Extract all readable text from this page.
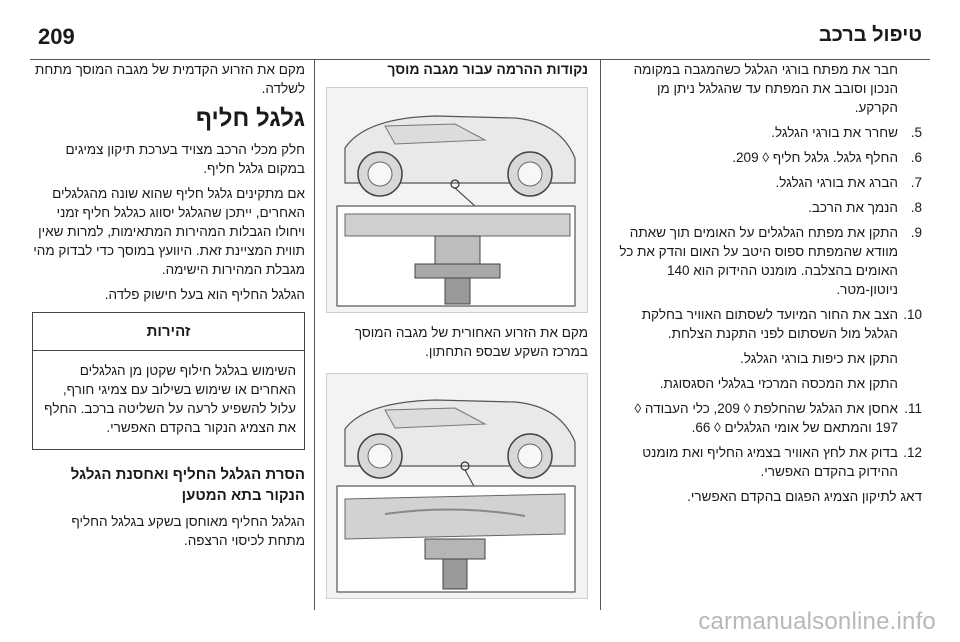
209	טיפול ברכב

חבר את מפתח בורגי הגלגל כשהמגבה במקומה הנכון וסובב את המפתח עד שהגלגל ניתן מן הקרקע.

5.
שחרר את בורגי הגלגל.
6.
החלף גלגל. גלגל חליף ◊ 209.
7.
הברג את בורגי הגלגל.
8.
הנמך את הרכב.
9.
התקן את מפתח הגלגלים על האומים תוך שאתה מוודא שהמפתח ספוס היטב על האום והדק את כל האומים בהצלבה. מומנט ההידוק הוא 140 ניוטון-מטר.
10.
הצב את החור המיועד לשסתום האוויר בחלקת הגלגל מול השסתום לפני התקנת הצלחת.

התקן את כיפות בורגי הגלגל.

התקן את המכסה המרכזי בגלגלי הסגסוגת.

11.
אחסן את הגלגל שהחלפת ◊ 209, כלי העבודה ◊ 197 והמתאם של אומי הגלגלים ◊ 66.
12.
בדוק את לחץ האוויר בצמיג החליף ואת מומנט ההידוק בהקדם האפשרי.

דאג לתיקון הצמיג הפגום בהקדם האפשרי.

נקודות ההרמה עבור מגבה מוסך

מקם את הזרוע האחורית של מגבה המוסך במרכז השקע שבספ התחתון.

מקם את הזרוע הקדמית של מגבה המוסך מתחת לשלדה.

גלגל חליף

חלק מכלי הרכב מצויד בערכת תיקון צמיגים במקום גלגל חליף.

אם מתקינים גלגל חליף שהוא שונה מהגלגלים האחרים, ייתכן שהגלגל יסווג כגלגל חליף זמני ויחולו הגבלות המהירות המתאימות, למרות שאין תווית המציינת זאת. היוועץ במוסך כדי לבדוק מהי מגבלת המהירות הישימה.

הגלגל החליף הוא בעל חישוק פלדה.

זהירות
השימוש בגלגל חילוף שקטן מן הגלגלים האחרים או שימוש בשילוב עם צמיגי חורף, עלול להשפיע לרעה על השליטה ברכב. החלף את הצמיג הנקור בהקדם האפשרי.
הסרת הגלגל החליף ואחסנת הגלגל הנקור בתא המטען

הגלגל החליף מאוחסן בשקע בגלגל החליף מתחת לכיסוי הרצפה.

carmanualsonline.info
